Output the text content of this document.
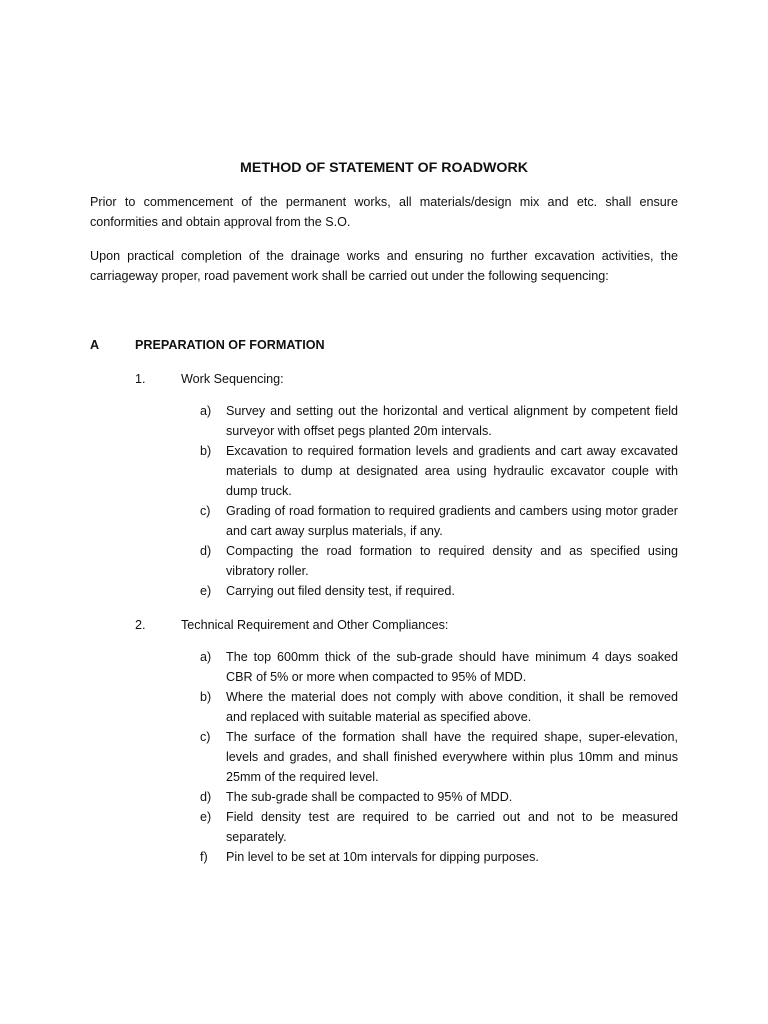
METHOD OF STATEMENT OF ROADWORK
Prior to commencement of the permanent works, all materials/design mix and etc. shall ensure conformities and obtain approval from the S.O.
Upon practical completion of the drainage works and ensuring no further excavation activities, the carriageway proper, road pavement work shall be carried out under the following sequencing:
A	PREPARATION OF FORMATION
1.	Work Sequencing:
a) Survey and setting out the horizontal and vertical alignment by competent field surveyor with offset pegs planted 20m intervals.
b) Excavation to required formation levels and gradients and cart away excavated materials to dump at designated area using hydraulic excavator couple with dump truck.
c) Grading of road formation to required gradients and cambers using motor grader and cart away surplus materials, if any.
d) Compacting the road formation to required density and as specified using vibratory roller.
e) Carrying out filed density test, if required.
2.	Technical Requirement and Other Compliances:
a) The top 600mm thick of the sub-grade should have minimum 4 days soaked CBR of 5% or more when compacted to 95% of MDD.
b) Where the material does not comply with above condition, it shall be removed and replaced with suitable material as specified above.
c) The surface of the formation shall have the required shape, super-elevation, levels and grades, and shall finished everywhere within plus 10mm and minus 25mm of the required level.
d) The sub-grade shall be compacted to 95% of MDD.
e) Field density test are required to be carried out and not to be measured separately.
f) Pin level to be set at 10m intervals for dipping purposes.
